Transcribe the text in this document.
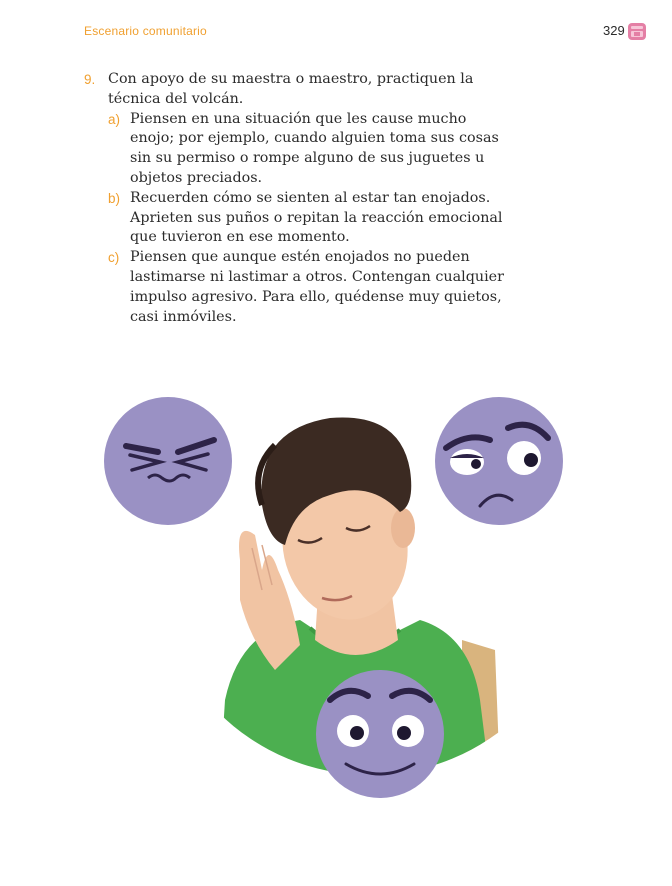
Escenario comunitario	329
9. Con apoyo de su maestra o maestro, practiquen la técnica del volcán.
a) Piensen en una situación que les cause mucho enojo; por ejemplo, cuando alguien toma sus cosas sin su permiso o rompe alguno de sus juguetes u objetos preciados.
b) Recuerden cómo se sienten al estar tan enojados. Aprieten sus puños o repitan la reacción emocional que tuvieron en ese momento.
c) Piensen que aunque estén enojados no pueden lastimarse ni lastimar a otros. Contengan cualquier impulso agresivo. Para ello, quédense muy quietos, casi inmóviles.
